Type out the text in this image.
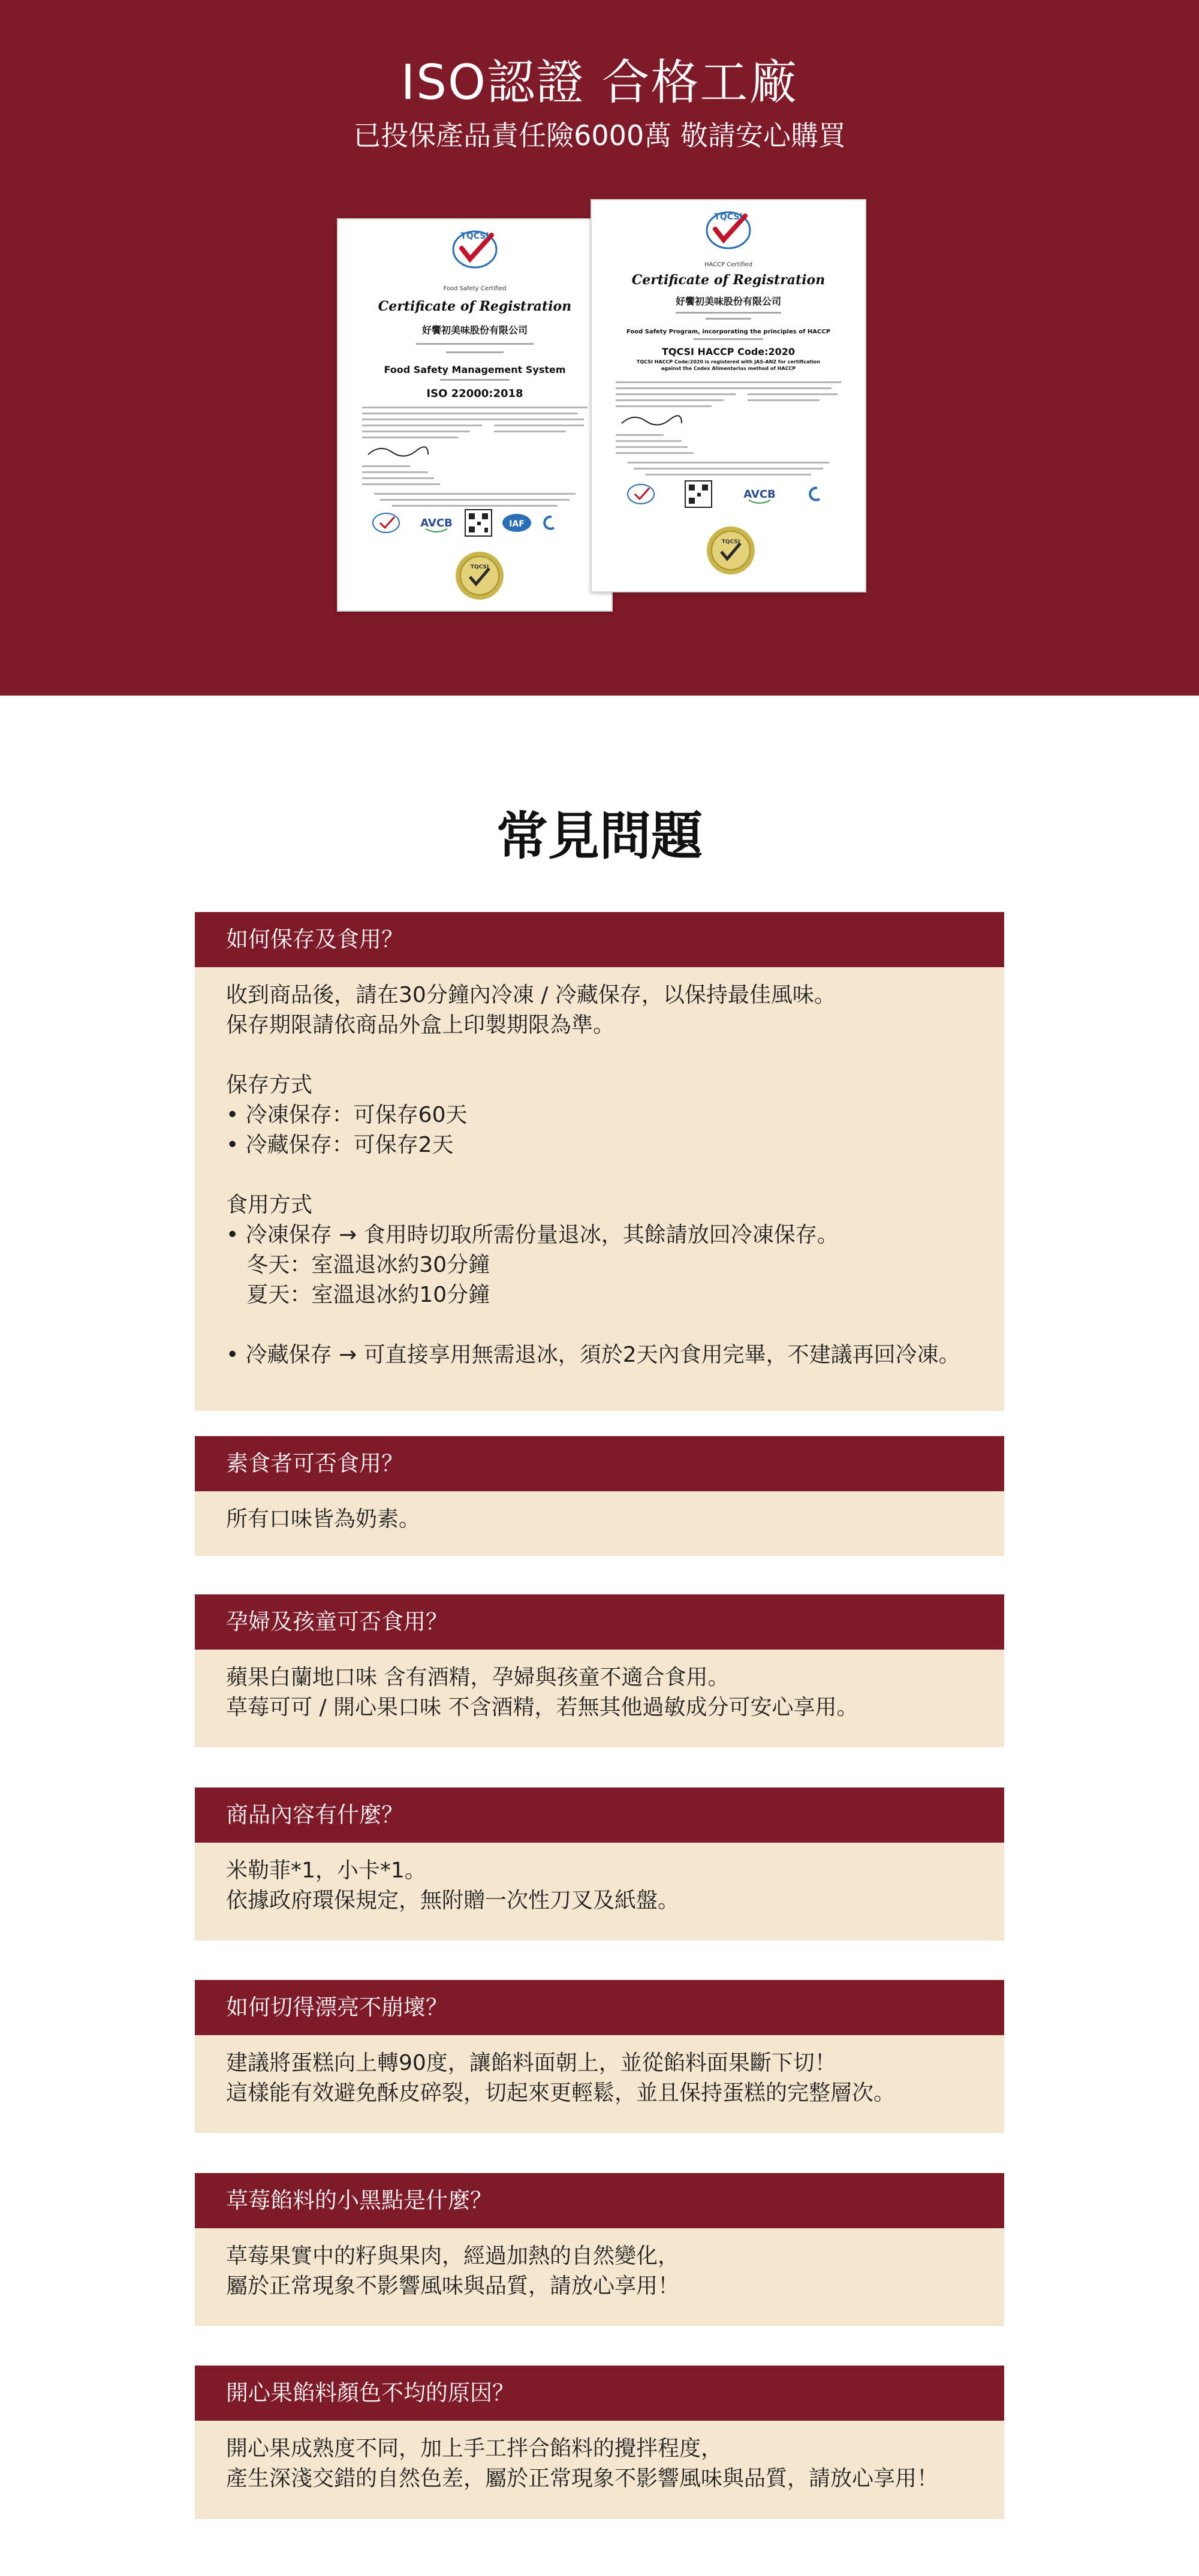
ISO認證 合格工廠
已投保產品責任險6000萬 敬請安心購買
TQCSI
Food Safety Certified
Certificate of Registration
好饗初美味股份有限公司
Food Safety Management System
ISO 22000:2018
AVCB	IAF
TQCSI
TQCSI
HACCP Certified
Certificate of Registration
好饗初美味股份有限公司
Food Safety Program, incorporating the principles of HACCP
TQCSI HACCP Code:2020
TQCSI HACCP Code:2020 is registered with JAS-ANZ for certification against the Codex Alimentarius method of HACCP
AVCB
TQCSI
常見問題
如何保存及食用？
收到商品後，請在30分鐘內冷凍 / 冷藏保存，以保持最佳風味。
保存期限請依商品外盒上印製期限為準。
保存方式
• 冷凍保存：可保存60天
• 冷藏保存：可保存2天
食用方式
• 冷凍保存 → 食用時切取所需份量退冰，其餘請放回冷凍保存。
冬天：室溫退冰約30分鐘
夏天：室溫退冰約10分鐘
• 冷藏保存 → 可直接享用無需退冰，須於2天內食用完畢，不建議再回冷凍。
素食者可否食用？
所有口味皆為奶素。
孕婦及孩童可否食用？
蘋果白蘭地口味 含有酒精，孕婦與孩童不適合食用。
草莓可可 / 開心果口味 不含酒精，若無其他過敏成分可安心享用。
商品內容有什麼？
米勒菲*1，小卡*1。
依據政府環保規定，無附贈一次性刀叉及紙盤。
如何切得漂亮不崩壞？
建議將蛋糕向上轉90度，讓餡料面朝上，並從餡料面果斷下切！
這樣能有效避免酥皮碎裂，切起來更輕鬆，並且保持蛋糕的完整層次。
草莓餡料的小黑點是什麼？
草莓果實中的籽與果肉，經過加熱的自然變化，
屬於正常現象不影響風味與品質，請放心享用！
開心果餡料顏色不均的原因？
開心果成熟度不同，加上手工拌合餡料的攪拌程度，
產生深淺交錯的自然色差，屬於正常現象不影響風味與品質，請放心享用！
